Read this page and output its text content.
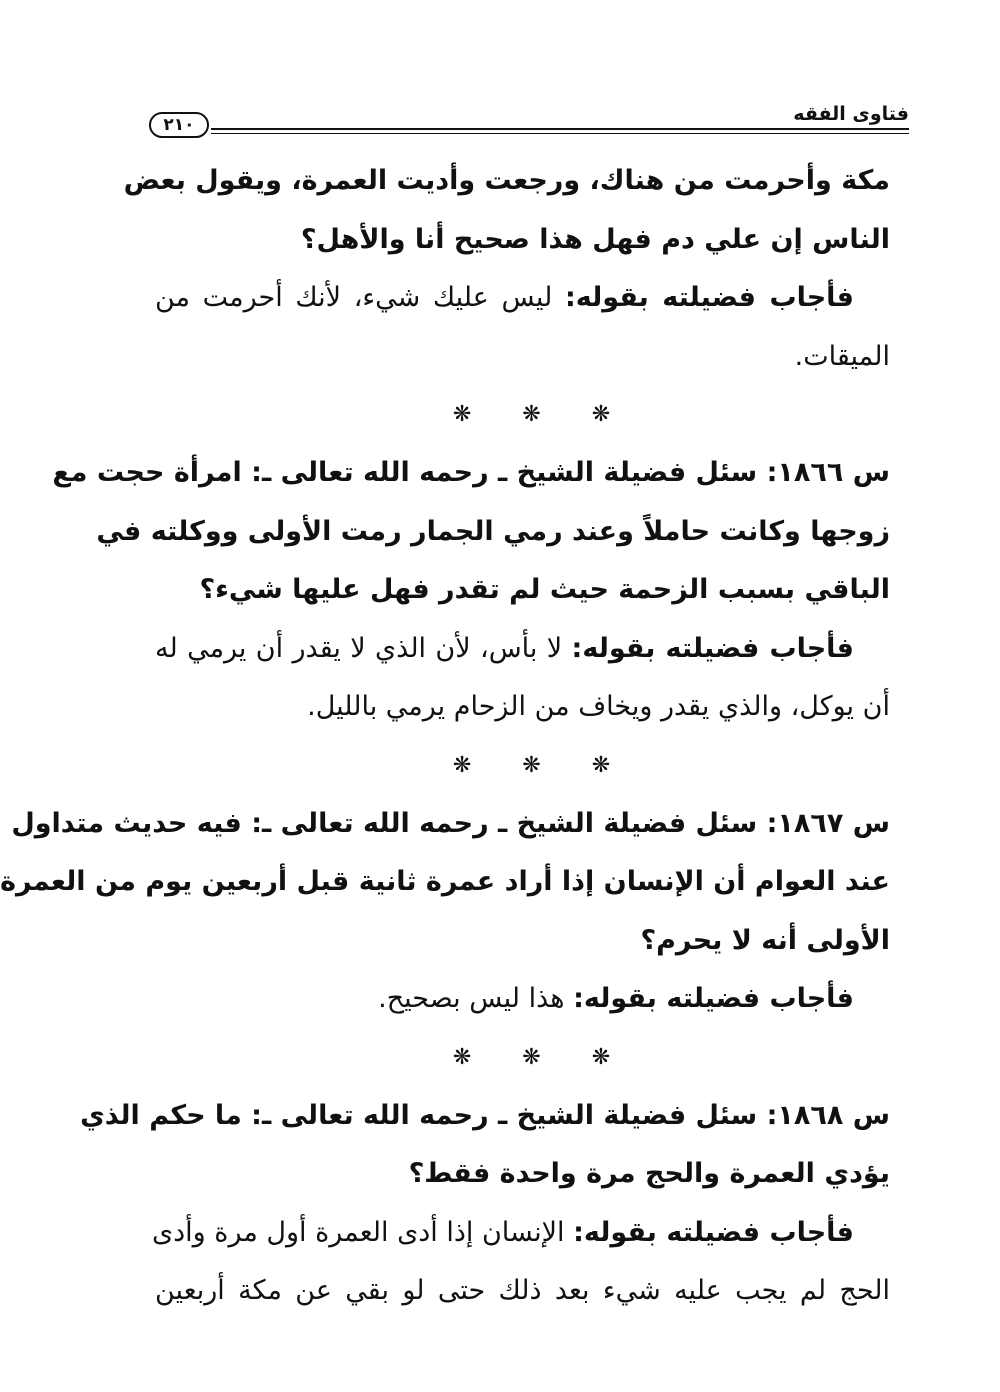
فتاوى الفقه
٢١٠
مكة وأحرمت من هناك، ورجعت وأديت العمرة، ويقول بعض
الناس إن علي دم فهل هذا صحيح أنا والأهل؟
فأجاب فضيلته بقوله: ليس عليك شيء، لأنك أحرمت من
الميقات.
❋ ❋ ❋
س ١٨٦٦: سئل فضيلة الشيخ ـ رحمه الله تعالى ـ: امرأة حجت مع
زوجها وكانت حاملاً وعند رمي الجمار رمت الأولى ووكلته في
الباقي بسبب الزحمة حيث لم تقدر فهل عليها شيء؟
فأجاب فضيلته بقوله: لا بأس، لأن الذي لا يقدر أن يرمي له
أن يوكل، والذي يقدر ويخاف من الزحام يرمي بالليل.
❋ ❋ ❋
س ١٨٦٧: سئل فضيلة الشيخ ـ رحمه الله تعالى ـ: فيه حديث متداول
عند العوام أن الإنسان إذا أراد عمرة ثانية قبل أربعين يوم من العمرة
الأولى أنه لا يحرم؟
فأجاب فضيلته بقوله: هذا ليس بصحيح.
❋ ❋ ❋
س ١٨٦٨: سئل فضيلة الشيخ ـ رحمه الله تعالى ـ: ما حكم الذي
يؤدي العمرة والحج مرة واحدة فقط؟
فأجاب فضيلته بقوله: الإنسان إذا أدى العمرة أول مرة وأدى
الحج لم يجب عليه شيء بعد ذلك حتى لو بقي عن مكة أربعين
